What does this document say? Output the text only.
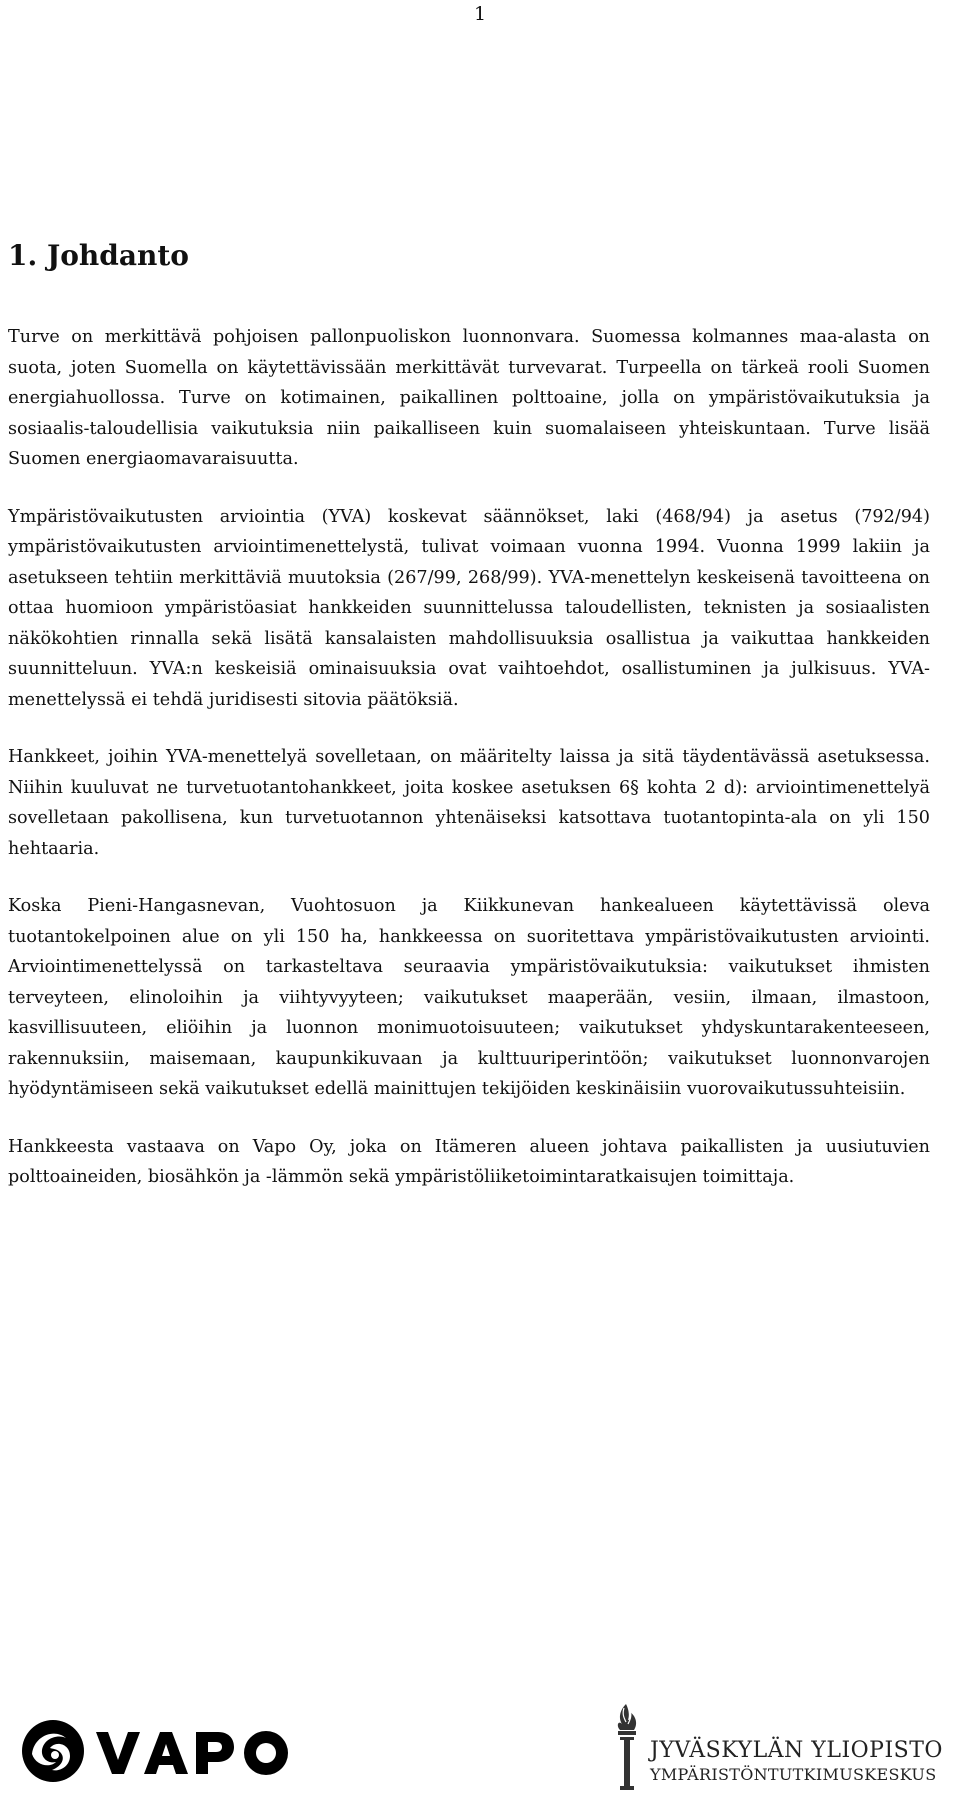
1
1. Johdanto

Turve on merkittävä pohjoisen pallonpuoliskon luonnonvara. Suomessa kolmannes maa-alasta on suota, joten Suomella on käytettävissään merkittävät turvevarat. Turpeella on tärkeä rooli Suomen energiahuollossa. Turve on kotimainen, paikallinen polttoaine, jolla on ympäristövaikutuksia ja sosiaalis-taloudellisia vaikutuksia niin paikalliseen kuin suomalaiseen yhteiskuntaan. Turve lisää Suomen energiaomavaraisuutta.

Ympäristövaikutusten arviointia (YVA) koskevat säännökset, laki (468/94) ja asetus (792/94) ympäristövaikutusten arviointimenettelystä, tulivat voimaan vuonna 1994. Vuonna 1999 lakiin ja asetukseen tehtiin merkittäviä muutoksia (267/99, 268/99). YVA-menettelyn keskeisenä tavoitteena on ottaa huomioon ympäristöasiat hankkeiden suunnittelussa taloudellisten, teknisten ja sosiaalisten näkökohtien rinnalla sekä lisätä kansalaisten mahdollisuuksia osallistua ja vaikuttaa hankkeiden suunnitteluun. YVA:n keskeisiä ominaisuuksia ovat vaihtoehdot, osallistuminen ja julkisuus. YVA-menettelyssä ei tehdä juridisesti sitovia päätöksiä.

Hankkeet, joihin YVA-menettelyä sovelletaan, on määritelty laissa ja sitä täydentävässä asetuksessa. Niihin kuuluvat ne turvetuotantohankkeet, joita koskee asetuksen 6§ kohta 2 d): arviointimenettelyä sovelletaan pakollisena, kun turvetuotannon yhtenäiseksi katsottava tuotantopinta-ala on yli 150 hehtaaria.

Koska Pieni-Hangasnevan, Vuohtosuon ja Kiikkunevan hankealueen käytettävissä oleva tuotantokelpoinen alue on yli 150 ha, hankkeessa on suoritettava ympäristövaikutusten arviointi. Arviointimenettelyssä on tarkasteltava seuraavia ympäristövaikutuksia: vaikutukset ihmisten terveyteen, elinoloihin ja viihtyvyyteen; vaikutukset maaperään, vesiin, ilmaan, ilmastoon, kasvillisuuteen, eliöihin ja luonnon monimuotoisuuteen; vaikutukset yhdyskuntarakenteeseen, rakennuksiin, maisemaan, kaupunkikuvaan ja kulttuuriperintöön; vaikutukset luonnonvarojen hyödyntämiseen sekä vaikutukset edellä mainittujen tekijöiden keskinäisiin vuorovaikutussuhteisiin.

Hankkeesta vastaava on Vapo Oy, joka on Itämeren alueen johtava paikallisten ja uusiutuvien polttoaineiden, biosähkön ja -lämmön sekä ympäristöliiketoimintaratkaisujen toimittaja.

JYVÄSKYLÄN YLIOPISTO
YMPÄRISTÖNTUTKIMUSKESKUS
